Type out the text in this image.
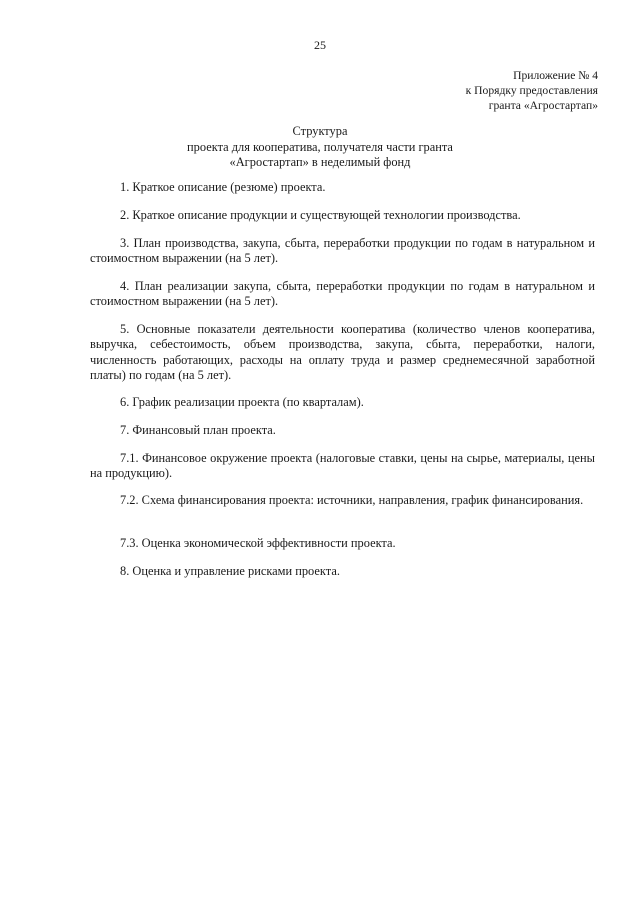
25
Приложение № 4
к Порядку предоставления
гранта «Агростартап»
Структура
проекта для кооператива, получателя части гранта
«Агростартап» в неделимый фонд

1. Краткое описание (резюме) проекта.

2. Краткое описание продукции и существующей технологии производства.

3. План производства, закупа, сбыта, переработки продукции по годам в натуральном и стоимостном выражении (на 5 лет).

4. План реализации закупа, сбыта, переработки продукции по годам в натуральном и стоимостном выражении (на 5 лет).

5. Основные показатели деятельности кооператива (количество членов кооператива, выручка, себестоимость, объем производства, закупа, сбыта, переработки, налоги, численность работающих, расходы на оплату труда и размер среднемесячной заработной платы) по годам (на 5 лет).

6. График реализации проекта (по кварталам).

7. Финансовый план проекта.

7.1. Финансовое окружение проекта (налоговые ставки, цены на сырье, материалы, цены на продукцию).

7.2. Схема финансирования проекта: источники, направления, график финансирования.

7.3. Оценка экономической эффективности проекта.

8. Оценка и управление рисками проекта.
